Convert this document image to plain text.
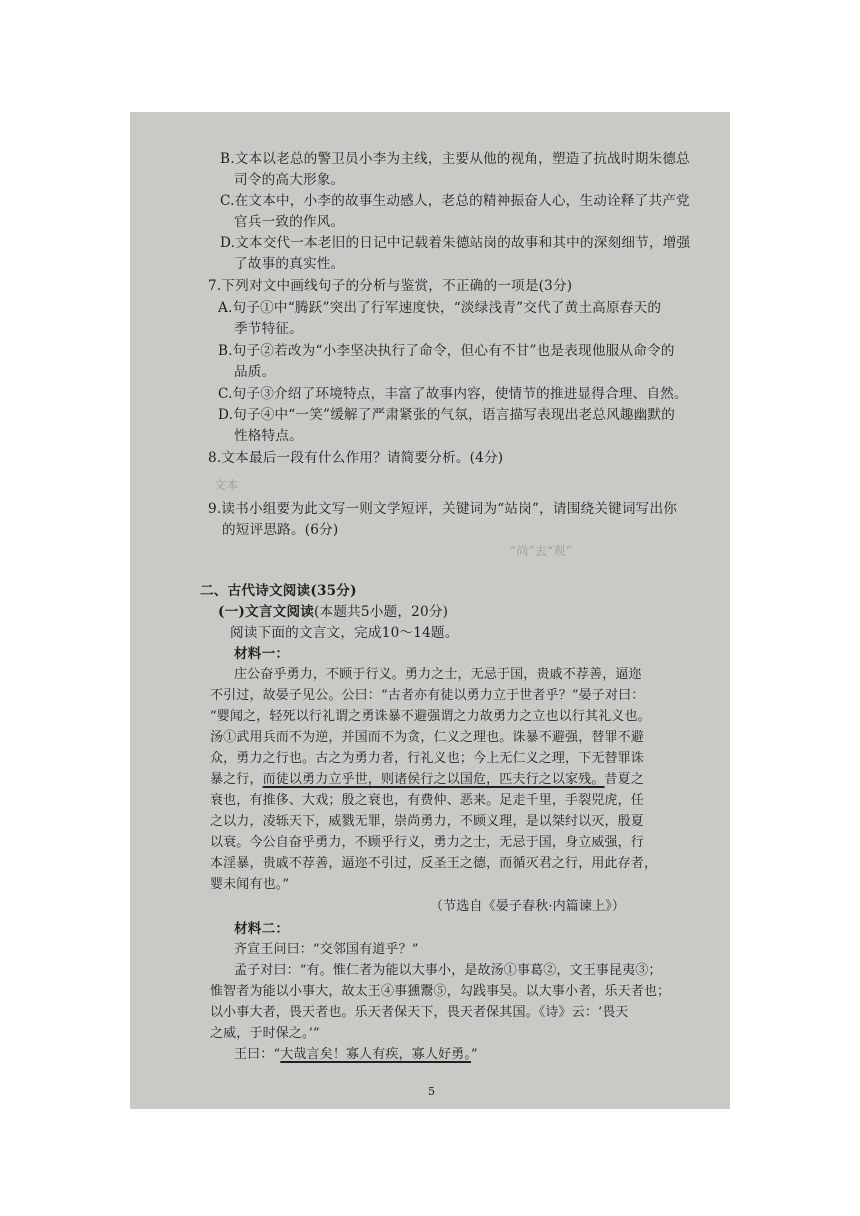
B.文本以老总的警卫员小李为主线，主要从他的视角，塑造了抗战时期朱德总
司令的高大形象。
C.在文本中，小李的故事生动感人，老总的精神振奋人心，生动诠释了共产党
官兵一致的作风。
D.文本交代一本老旧的日记中记载着朱德站岗的故事和其中的深刻细节，增强
了故事的真实性。
7.下列对文中画线句子的分析与鉴赏，不正确的一项是(3分)
A.句子①中“腾跃”突出了行军速度快，“淡绿浅青”交代了黄土高原春天的
季节特征。
B.句子②若改为“小李坚决执行了命令，但心有不甘”也是表现他服从命令的
品质。
C.句子③介绍了环境特点，丰富了故事内容，使情节的推进显得合理、自然。
D.句子④中“一笑”缓解了严肃紧张的气氛，语言描写表现出老总风趣幽默的
性格特点。
8.文本最后一段有什么作用？请简要分析。(4分)
文本
“尚”去“观”
9.读书小组要为此文写一则文学短评，关键词为“站岗”，请围绕关键词写出你
的短评思路。(6分)
二、古代诗文阅读(35分)
(一)文言文阅读(本题共5小题，20分)
阅读下面的文言文，完成10～14题。
材料一：
庄公奋乎勇力，不顾于行义。勇力之士，无忌于国，贵戚不荐善，逼迩
不引过，故晏子见公。公曰：“古者亦有徒以勇力立于世者乎？”晏子对曰：
“婴闻之，轻死以行礼谓之勇诛暴不避强谓之力故勇力之立也以行其礼义也。
汤①武用兵而不为逆，并国而不为贪，仁义之理也。诛暴不避强，替罪不避
众，勇力之行也。古之为勇力者，行礼义也；今上无仁义之理，下无替罪诛
暴之行，而徒以勇力立乎世，则诸侯行之以国危，匹夫行之以家残。昔夏之
衰也，有推侈、大戏；殷之衰也，有费仲、恶来。足走千里，手裂兕虎，任
之以力，凌轹天下，威戮无罪，崇尚勇力，不顾义理，是以桀纣以灭，殷夏
以衰。今公自奋乎勇力，不顾乎行义，勇力之士，无忌于国，身立威强，行
本淫暴，贵戚不荐善，逼迩不引过，反圣王之德，而循灭君之行，用此存者，
婴未闻有也。”
（节选自《晏子春秋·内篇谏上》）
材料二：
齐宣王问曰：“交邻国有道乎？”
孟子对曰：“有。惟仁者为能以大事小，是故汤①事葛②，文王事昆夷③；
惟智者为能以小事大，故太王④事獯鬻⑤，勾践事吴。以大事小者，乐天者也；
以小事大者，畏天者也。乐天者保天下，畏天者保其国。《诗》云：‘畏天
之威，于时保之。’”
王曰：“大哉言矣！寡人有疾，寡人好勇。”
5
